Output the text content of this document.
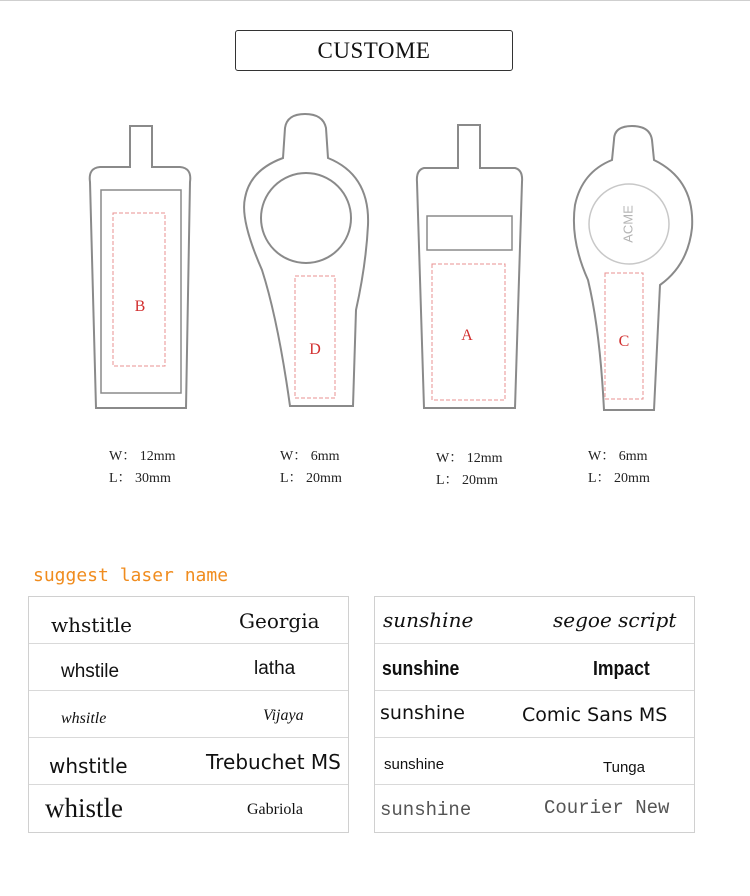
CUSTOME
B
D
A
ACME
C
W： 12mm
L： 30mm
W： 6mm
L： 20mm
W： 12mm
L： 20mm
W： 6mm
L： 20mm
suggest laser name
whstitle	Georgia
whstile	latha
whsitle	Vijaya
whstitle	Trebuchet MS
whistle	Gabriola
sunshine	segoe script
sunshine	Impact
sunshine	Comic Sans MS
sunshine	Tunga
sunshine	Courier New
